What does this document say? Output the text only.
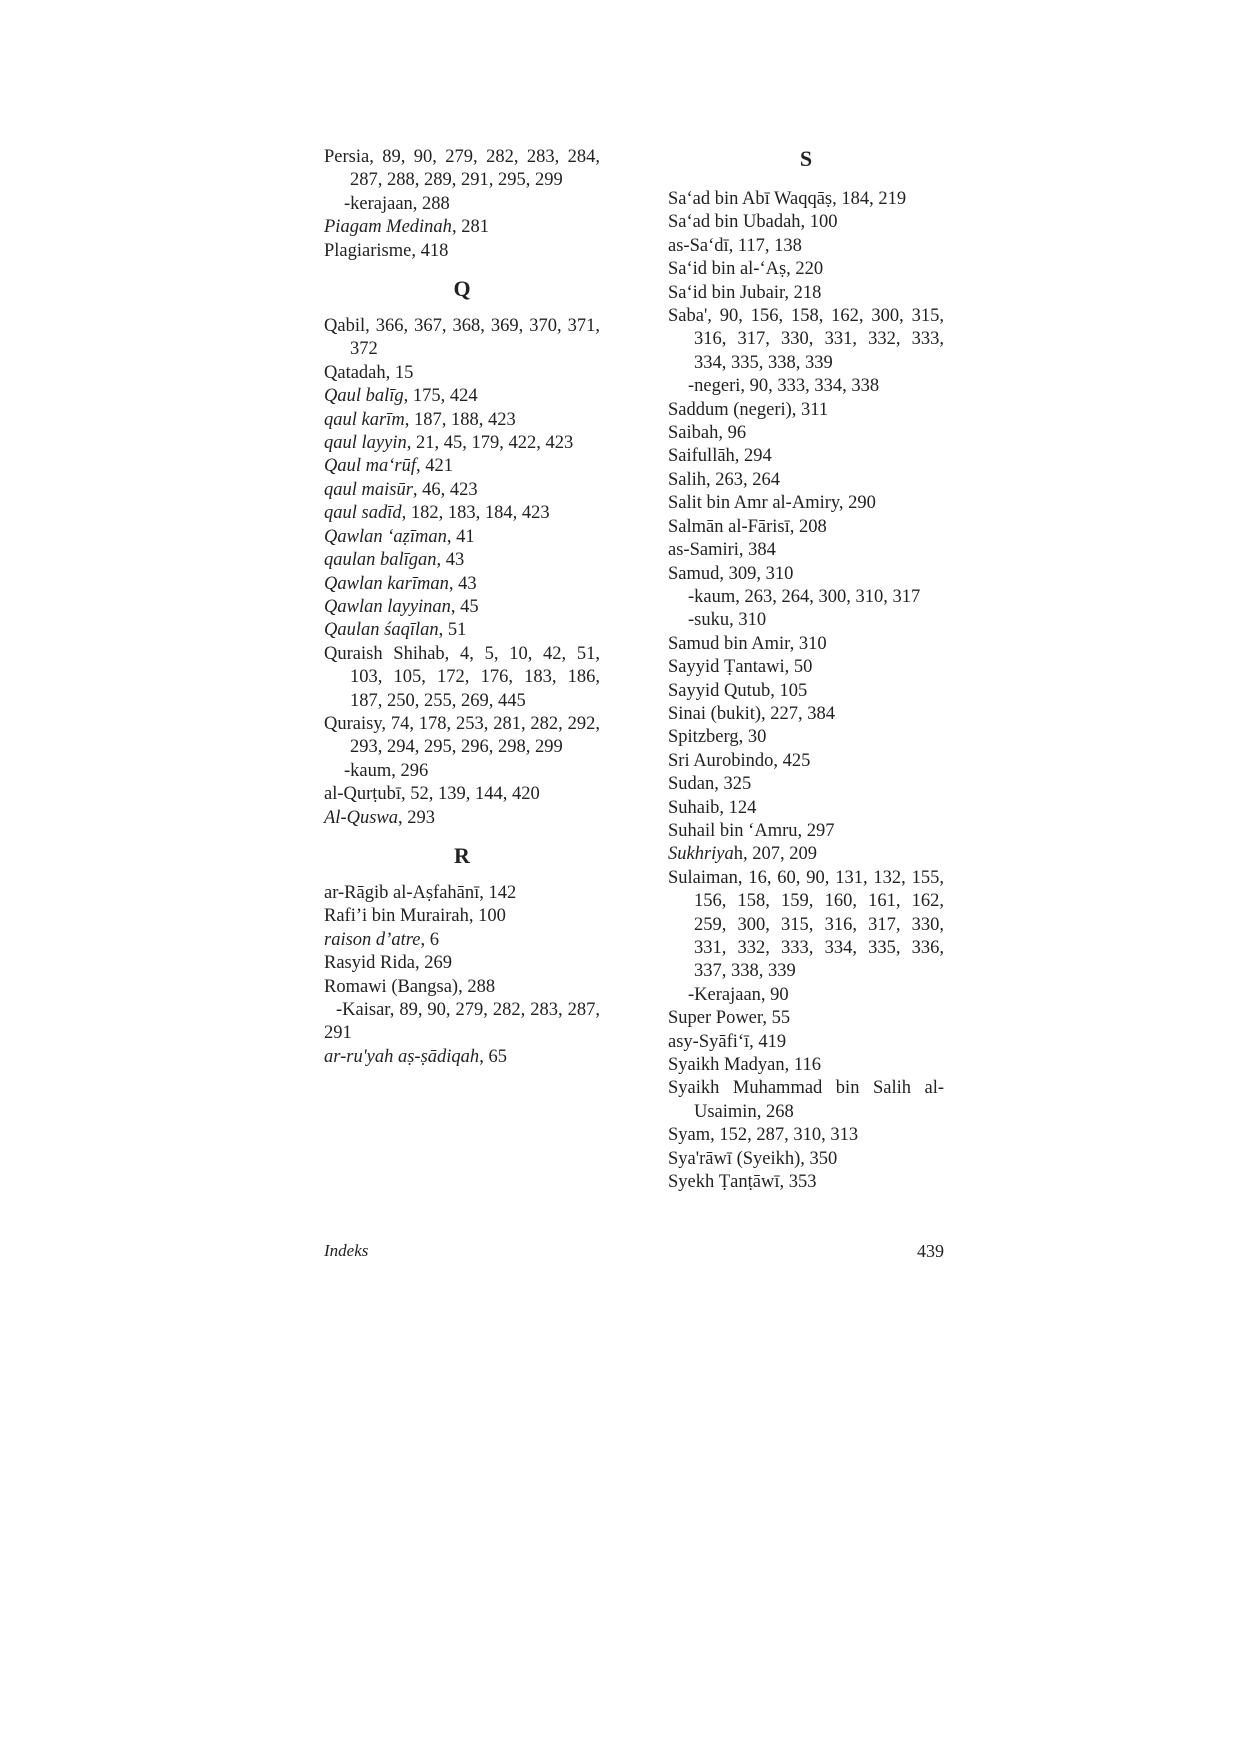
Persia, 89, 90, 279, 282, 283, 284, 287, 288, 289, 291, 295, 299

-kerajaan, 288

Piagam Medinah, 281

Plagiarisme, 418

Q

Qabil, 366, 367, 368, 369, 370, 371, 372

Qatadah, 15

Qaul balīg, 175, 424

qaul karīm, 187, 188, 423

qaul layyin, 21, 45, 179, 422, 423

Qaul ma‘rūf, 421

qaul maisūr, 46, 423

qaul sadīd, 182, 183, 184, 423

Qawlan ‘aẓīman, 41

qaulan balīgan, 43

Qawlan karīman, 43

Qawlan layyinan, 45

Qaulan śaqīlan, 51

Quraish Shihab, 4, 5, 10, 42, 51, 103, 105, 172, 176, 183, 186, 187, 250, 255, 269, 445

Quraisy, 74, 178, 253, 281, 282, 292, 293, 294, 295, 296, 298, 299

-kaum, 296

al-Qurṭubī, 52, 139, 144, 420

Al-Quswa, 293

R

ar-Rāgib al-Aṣfahānī, 142

Rafi’i bin Murairah, 100

raison d’atre, 6

Rasyid Rida, 269

Romawi (Bangsa), 288

-Kaisar, 89, 90, 279, 282, 283, 287, 291

ar-ru'yah aṣ-ṣādiqah, 65

S

Sa‘ad bin Abī Waqqāṣ, 184, 219

Sa‘ad bin Ubadah, 100

as-Sa‘dī, 117, 138

Sa‘id bin al-‘Aṣ, 220

Sa‘id bin Jubair, 218

Saba', 90, 156, 158, 162, 300, 315, 316, 317, 330, 331, 332, 333, 334, 335, 338, 339

-negeri, 90, 333, 334, 338

Saddum (negeri), 311

Saibah, 96

Saifullāh, 294

Salih, 263, 264

Salit bin Amr al-Amiry, 290

Salmān al-Fārisī, 208

as-Samiri, 384

Samud, 309, 310

-kaum, 263, 264, 300, 310, 317

-suku, 310

Samud bin Amir, 310

Sayyid Ṭantawi, 50

Sayyid Qutub, 105

Sinai (bukit), 227, 384

Spitzberg, 30

Sri Aurobindo, 425

Sudan, 325

Suhaib, 124

Suhail bin ‘Amru, 297

Sukhriyah, 207, 209

Sulaiman, 16, 60, 90, 131, 132, 155, 156, 158, 159, 160, 161, 162, 259, 300, 315, 316, 317, 330, 331, 332, 333, 334, 335, 336, 337, 338, 339

-Kerajaan, 90

Super Power, 55

asy-Syāfi‘ī, 419

Syaikh Madyan, 116

Syaikh Muhammad bin Salih al-Usaimin, 268

Syam, 152, 287, 310, 313

Sya'rāwī (Syeikh), 350

Syekh Ṭanṭāwī, 353

Indeks	439
